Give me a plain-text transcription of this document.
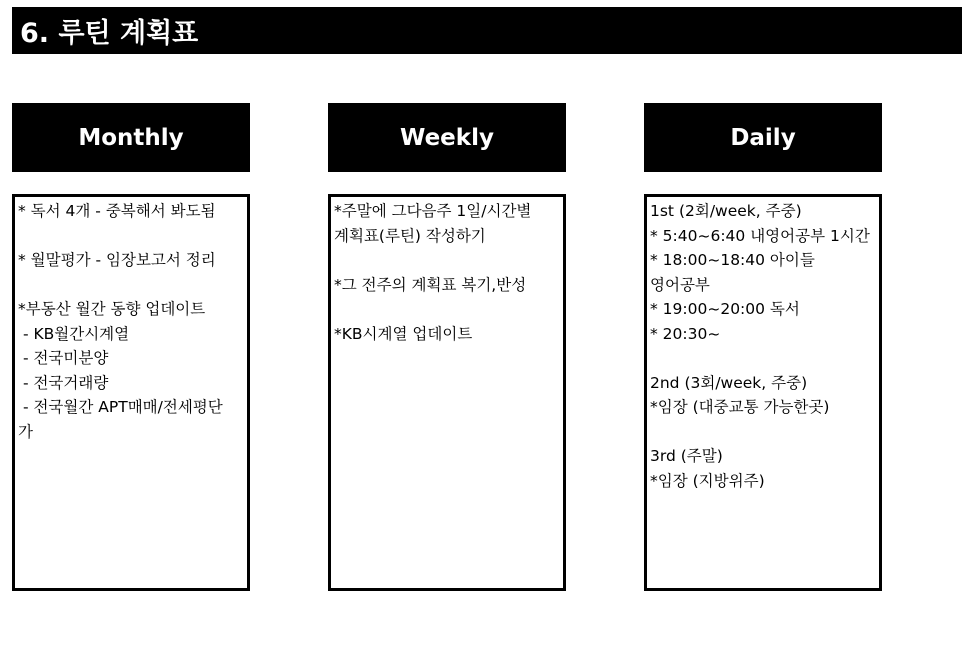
6. 루틴 계획표
Monthly	Weekly	Daily
* 독서 4개 - 중복해서 봐도됨
* 월말평가 - 임장보고서 정리
*부동산 월간 동향 업데이트
- KB월간시계열
- 전국미분양
- 전국거래량
- 전국월간 APT매매/전세평단
가
*주말에 그다음주 1일/시간별
계획표(루틴) 작성하기
*그 전주의 계획표 복기,반성
*KB시계열 업데이트
1st (2회/week, 주중)
* 5:40~6:40 내영어공부 1시간
* 18:00~18:40 아이들 영어공부
* 19:00~20:00 독서
* 20:30~
2nd (3회/week, 주중)
*임장 (대중교통 가능한곳)
3rd (주말)
*임장 (지방위주)
